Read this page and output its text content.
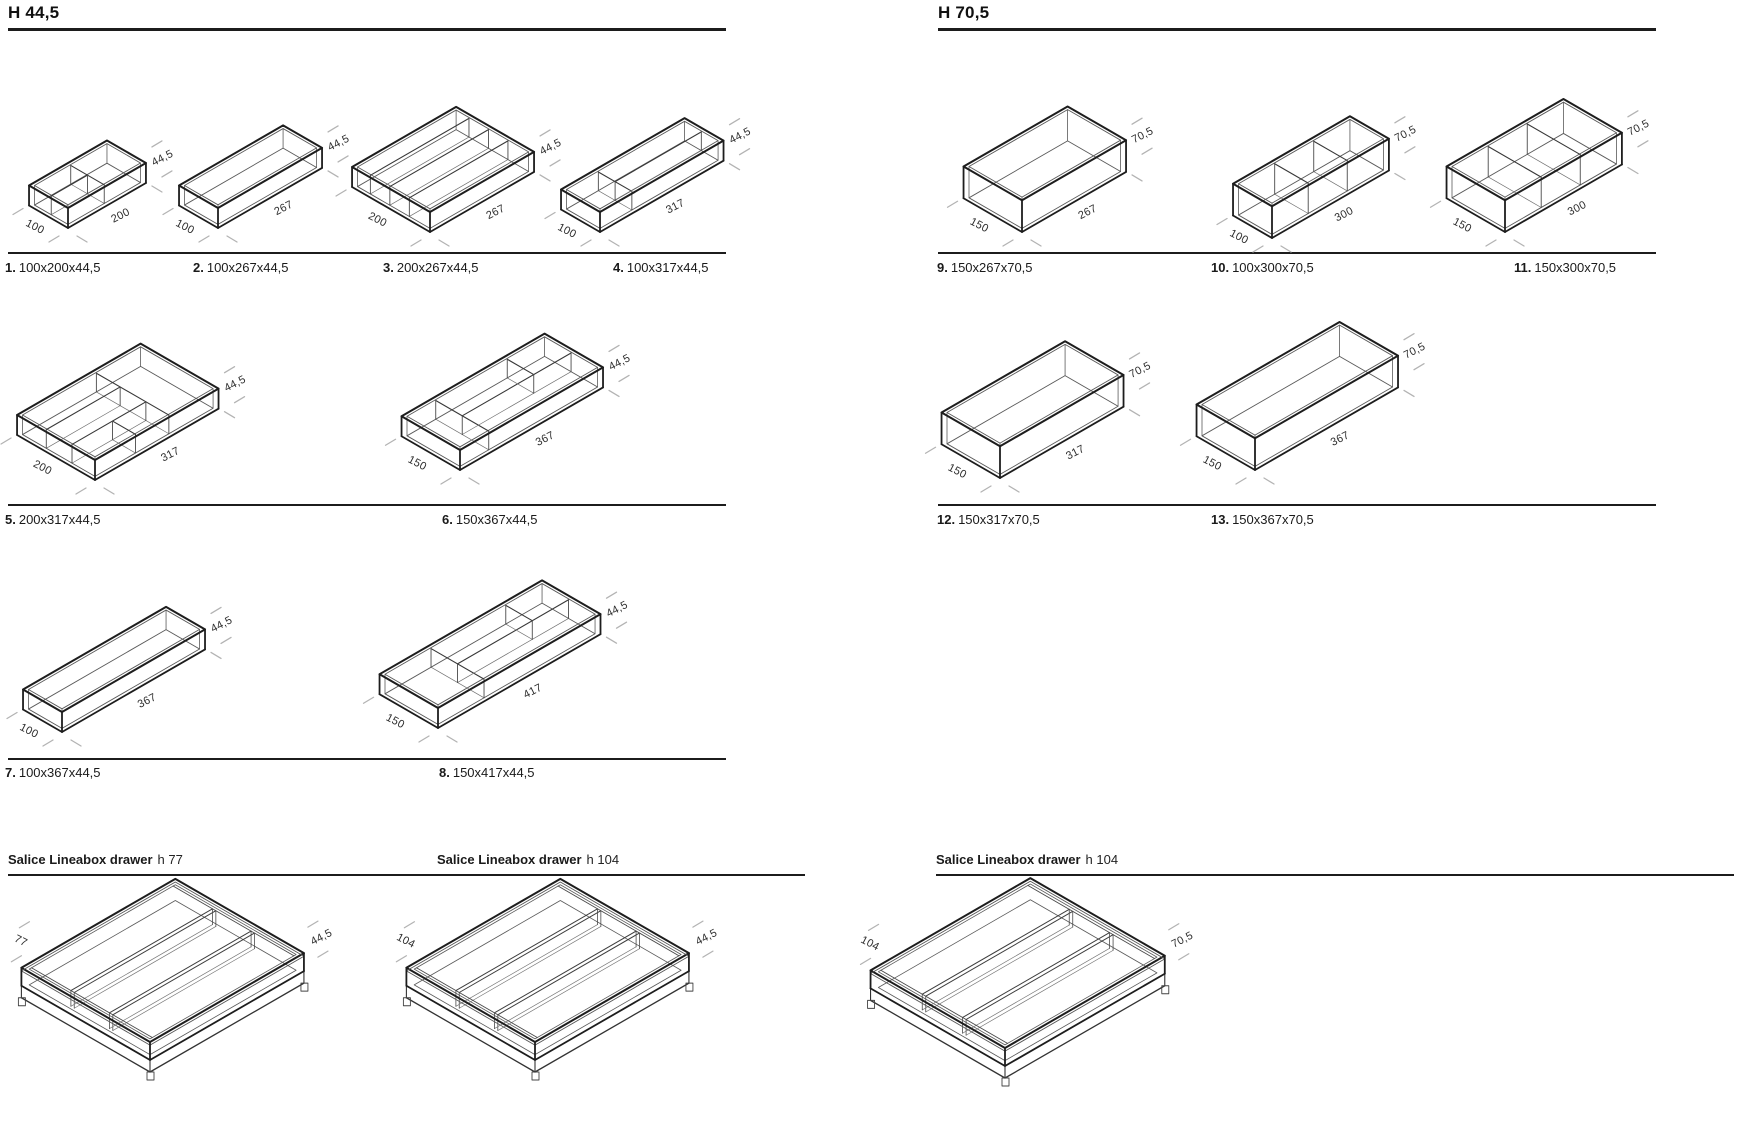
H 44,5	H 70,5
1. 100x200x44,5	2. 100x267x44,5	3. 200x267x44,5	4. 100x317x44,5
5. 200x317x44,5	6. 150x367x44,5
7. 100x367x44,5	8. 150x417x44,5
9. 150x267x70,5	10. 100x300x70,5	11. 150x300x70,5
12. 150x317x70,5	13. 150x367x70,5
Salice Lineabox drawer h 77	Salice Lineabox drawer h 104	Salice Lineabox drawer h 104
100
200
44,5
100
267
44,5
200	267
44,5
100
317
44,5
200
317
44,5
150
367
44,5
100
367
44,5
150
417
44,5
150
267
70,5
100
300
70,5
150
300
70,5
150
317
70,5
150
367
70,5
77	44,5	104	44,5	104	70,5
